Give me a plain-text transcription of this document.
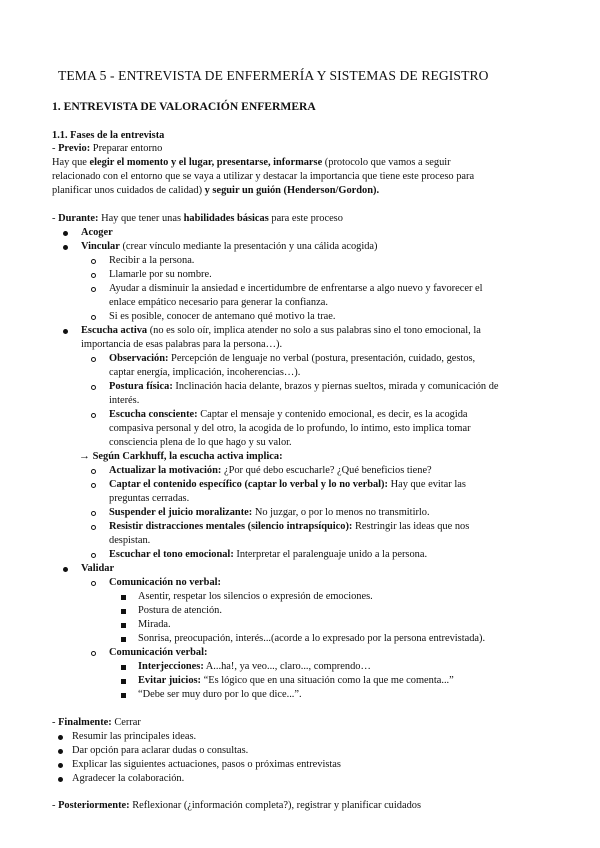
TEMA 5 - ENTREVISTA DE ENFERMERÍA Y SISTEMAS DE REGISTRO
1. ENTREVISTA DE VALORACIÓN ENFERMERA
1.1. Fases de la entrevista
- Previo: Preparar entorno
Hay que elegir el momento y el lugar, presentarse, informarse (protocolo que vamos a seguir
relacionado con el entorno que se vaya a utilizar y destacar la importancia que tiene este proceso para
planificar unos cuidados de calidad) y seguir un guión (Henderson/Gordon).
- Durante: Hay que tener unas habilidades básicas para este proceso
Acoger
Vincular (crear vínculo mediante la presentación y una cálida acogida)
Recibir a la persona.
Llamarle por su nombre.
Ayudar a disminuir la ansiedad e incertidumbre de enfrentarse a algo nuevo y favorecer el
enlace empático necesario para generar la confianza.
Si es posible, conocer de antemano qué motivo la trae.
Escucha activa (no es solo oír, implica atender no solo a sus palabras sino el tono emocional, la
importancia de esas palabras para la persona…).
Observación: Percepción de lenguaje no verbal (postura, presentación, cuidado, gestos,
captar energía, implicación, incoherencias…).
Postura física: Inclinación hacia delante, brazos y piernas sueltos, mirada y comunicación de
interés.
Escucha consciente: Captar el mensaje y contenido emocional, es decir, es la acogida
compasiva personal y del otro, la acogida de lo profundo, lo íntimo, esto implica tomar
consciencia plena de lo que hago y su valor.
→ Según Carkhuff, la escucha activa implica:
Actualizar la motivación: ¿Por qué debo escucharle? ¿Qué beneficios tiene?
Captar el contenido específico (captar lo verbal y lo no verbal): Hay que evitar las
preguntas cerradas.
Suspender el juicio moralizante: No juzgar, o por lo menos no transmitirlo.
Resistir distracciones mentales (silencio intrapsíquico): Restringir las ideas que nos
despistan.
Escuchar el tono emocional: Interpretar el paralenguaje unido a la persona.
Validar
Comunicación no verbal:
Asentir, respetar los silencios o expresión de emociones.
Postura de atención.
Mirada.
Sonrisa, preocupación, interés...(acorde a lo expresado por la persona entrevistada).
Comunicación verbal:
Interjecciones: A...ha!, ya veo..., claro..., comprendo…
Evitar juicios: “Es lógico que en una situación como la que me comenta...”
“Debe ser muy duro por lo que dice...”.
- Finalmente: Cerrar
Resumir las principales ideas.
Dar opción para aclarar dudas o consultas.
Explicar las siguientes actuaciones, pasos o próximas entrevistas
Agradecer la colaboración.
- Posteriormente: Reflexionar (¿información completa?), registrar y planificar cuidados
